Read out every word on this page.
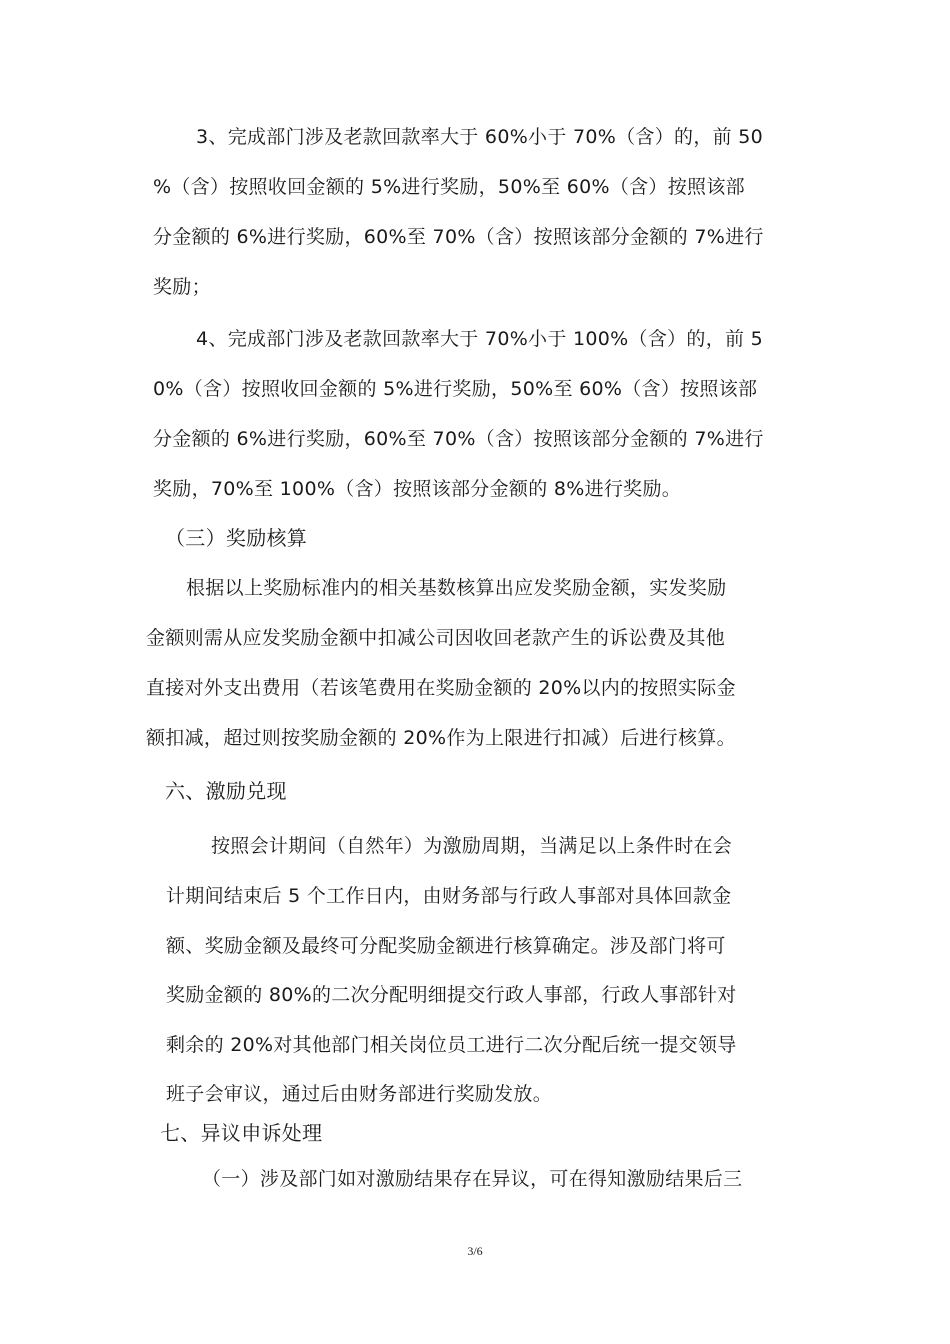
3、完成部门涉及老款回款率大于 60%小于 70%（含）的，前 50
%（含）按照收回金额的 5%进行奖励，50%至 60%（含）按照该部
分金额的 6%进行奖励，60%至 70%（含）按照该部分金额的 7%进行
奖励；
4、完成部门涉及老款回款率大于 70%小于 100%（含）的，前 5
0%（含）按照收回金额的 5%进行奖励，50%至 60%（含）按照该部
分金额的 6%进行奖励，60%至 70%（含）按照该部分金额的 7%进行
奖励，70%至 100%（含）按照该部分金额的 8%进行奖励。
（三）奖励核算
根据以上奖励标准内的相关基数核算出应发奖励金额，实发奖励
金额则需从应发奖励金额中扣减公司因收回老款产生的诉讼费及其他
直接对外支出费用（若该笔费用在奖励金额的 20%以内的按照实际金
额扣减，超过则按奖励金额的 20%作为上限进行扣减）后进行核算。
六、激励兑现
按照会计期间（自然年）为激励周期，当满足以上条件时在会
计期间结束后 5 个工作日内，由财务部与行政人事部对具体回款金
额、奖励金额及最终可分配奖励金额进行核算确定。涉及部门将可
奖励金额的 80%的二次分配明细提交行政人事部，行政人事部针对
剩余的 20%对其他部门相关岗位员工进行二次分配后统一提交领导
班子会审议，通过后由财务部进行奖励发放。
七、异议申诉处理
（一）涉及部门如对激励结果存在异议，可在得知激励结果后三
3/6
